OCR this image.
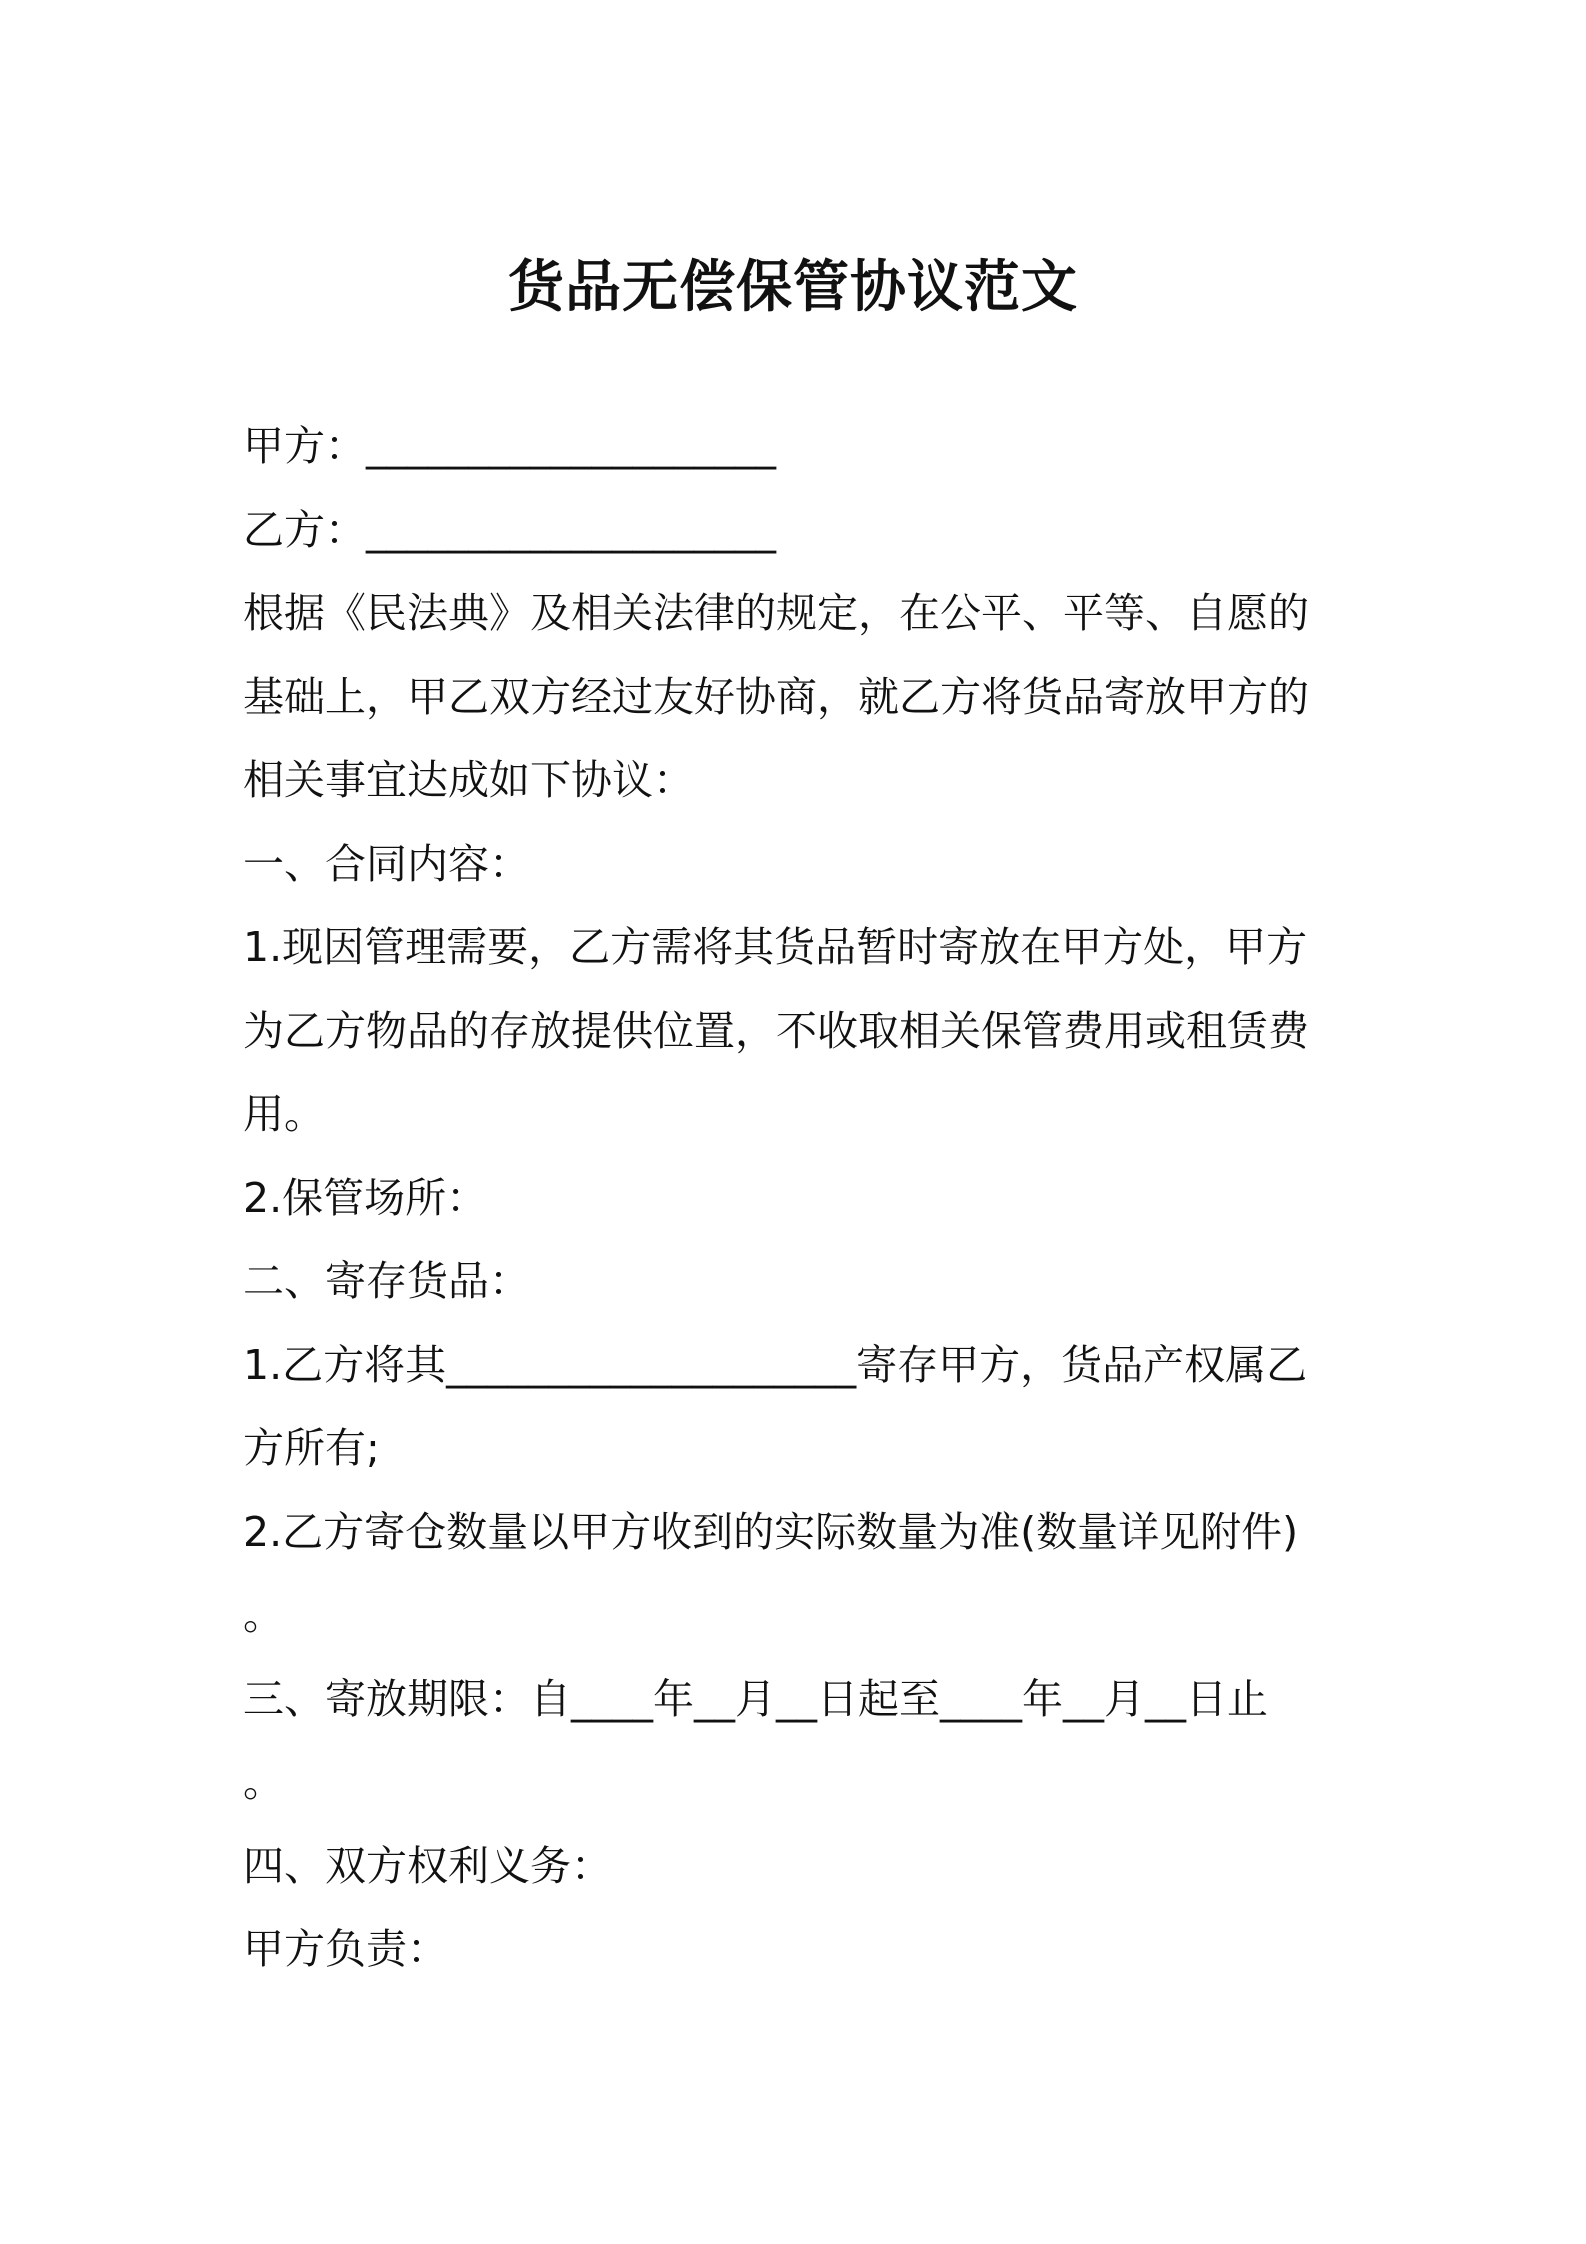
货品无偿保管协议范文

甲方：____________________

乙方：____________________

根据《民法典》及相关法律的规定，在公平、平等、自愿的

基础上，甲乙双方经过友好协商，就乙方将货品寄放甲方的

相关事宜达成如下协议：

一、合同内容：

1.现因管理需要，乙方需将其货品暂时寄放在甲方处，甲方

为乙方物品的存放提供位置，不收取相关保管费用或租赁费

用。

2.保管场所：

二、寄存货品：

1.乙方将其____________________寄存甲方，货品产权属乙

方所有;

2.乙方寄仓数量以甲方收到的实际数量为准(数量详见附件)

。

三、寄放期限：自____年__月__日起至____年__月__日止

。

四、双方权利义务：

甲方负责：
